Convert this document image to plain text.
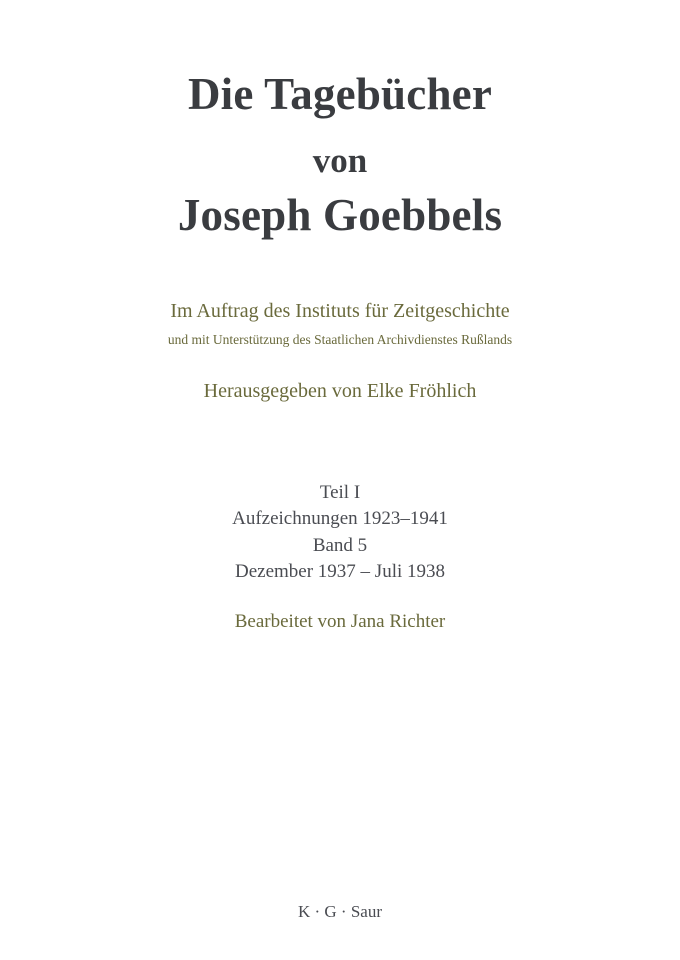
Die Tagebücher
von
Joseph Goebbels
Im Auftrag des Instituts für Zeitgeschichte
und mit Unterstützung des Staatlichen Archivdienstes Rußlands
Herausgegeben von Elke Fröhlich
Teil I
Aufzeichnungen 1923–1941
Band 5
Dezember 1937 – Juli 1938
Bearbeitet von Jana Richter
K · G · Saur
